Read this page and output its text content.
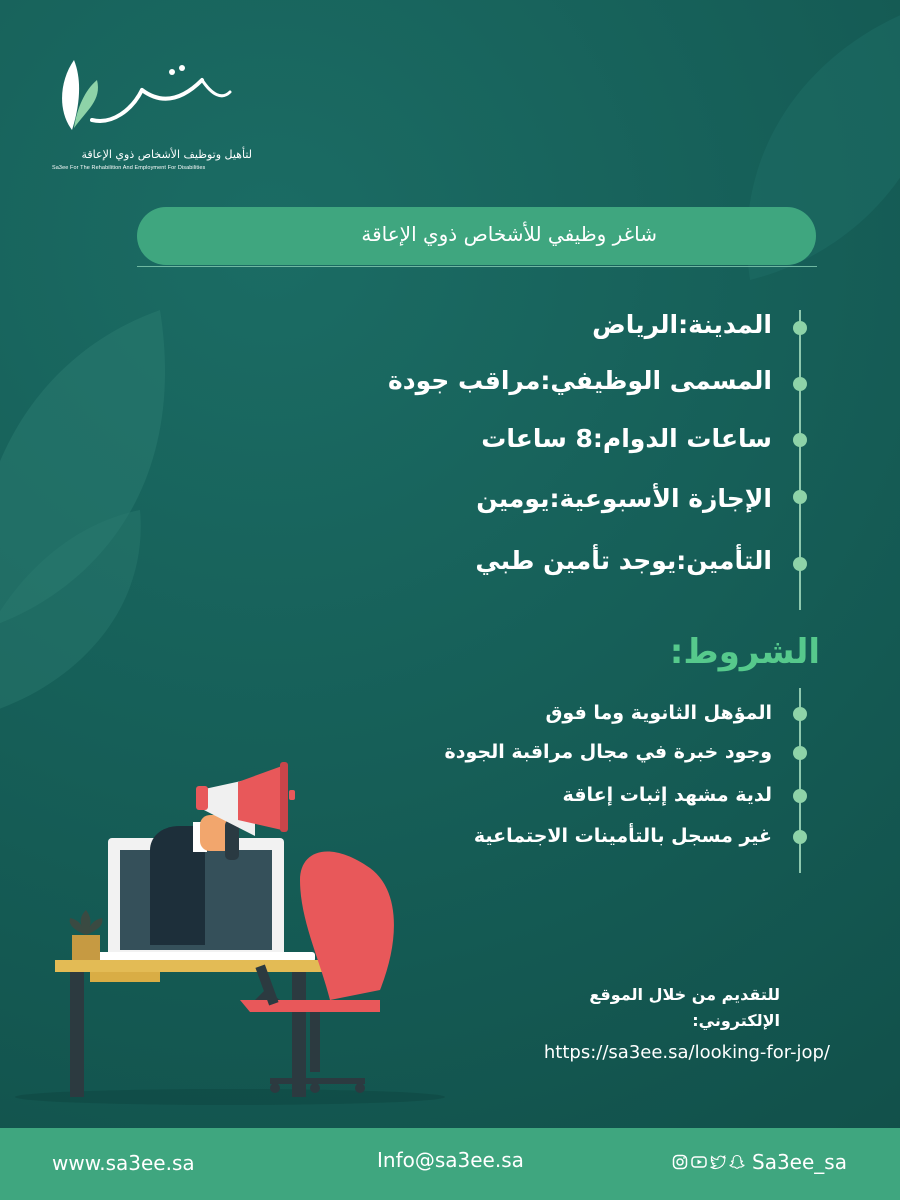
لتأهيل وتوظيف الأشخاص ذوي الإعاقة
Sa3ee For The Rehabilition And Employment For Disabilities
شاغر وظيفي للأشخاص ذوي الإعاقة
المدينة:الرياض
المسمى الوظيفي:مراقب جودة
ساعات الدوام:8 ساعات
الإجازة الأسبوعية:يومين
التأمين:يوجد تأمين طبي
الشروط:
المؤهل الثانوية وما فوق
وجود خبرة في مجال مراقبة الجودة
لدية مشهد إثبات إعاقة
غير مسجل بالتأمينات الاجتماعية
للتقديم من خلال الموقع
الإلكتروني:
https://sa3ee.sa/looking-for-jop/
www.sa3ee.sa	Info@sa3ee.sa	Sa3ee_sa
